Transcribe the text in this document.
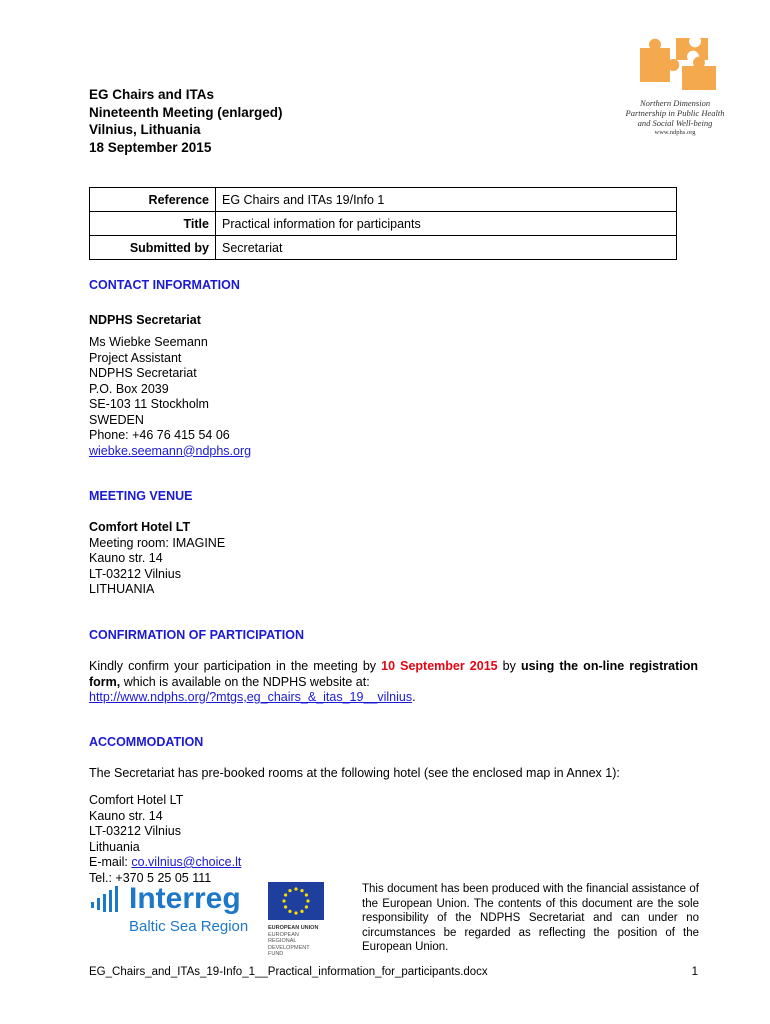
EG Chairs and ITAs
Nineteenth Meeting (enlarged)
Vilnius, Lithuania
18 September 2015
Northern Dimension
Partnership in Public Health
and Social Well-being
www.ndphs.org
Reference	EG Chairs and ITAs 19/Info 1
Title	Practical information for participants
Submitted by	Secretariat
CONTACT INFORMATION
NDPHS Secretariat
Ms Wiebke Seemann
Project Assistant
NDPHS Secretariat
P.O. Box 2039
SE-103 11 Stockholm
SWEDEN
Phone: +46 76 415 54 06
wiebke.seemann@ndphs.org
MEETING VENUE
Comfort Hotel LT
Meeting room: IMAGINE
Kauno str. 14
LT-03212 Vilnius
LITHUANIA
CONFIRMATION OF PARTICIPATION
Kindly confirm your participation in the meeting by 10 September 2015 by using the on-line registration form, which is available on the NDPHS website at:
http://www.ndphs.org/?mtgs,eg_chairs_&_itas_19__vilnius.
ACCOMMODATION
The Secretariat has pre-booked rooms at the following hotel (see the enclosed map in Annex 1):
Comfort Hotel LT
Kauno str. 14
LT-03212 Vilnius
Lithuania
E-mail: co.vilnius@choice.lt
Tel.: +370 5 25 05 111
Interreg
Baltic Sea Region	EUROPEAN UNION
EUROPEAN
REGIONAL
DEVELOPMENT
FUND
This document has been produced with the financial assistance of the European Union. The contents of this document are the sole responsibility of the NDPHS Secretariat and can under no circumstances be regarded as reflecting the position of the European Union.
EG_Chairs_and_ITAs_19-Info_1__Practical_information_for_participants.docx	1
